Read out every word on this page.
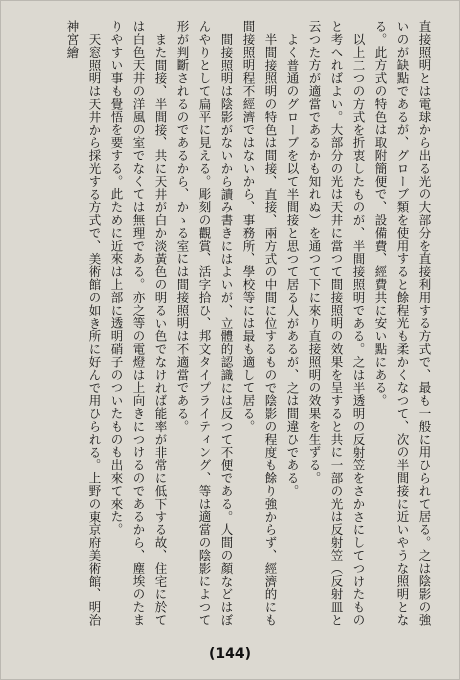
直接照明とは電球から出る光の大部分を直接利用する方式で、最も一般に用ひられて居る。之は陰影の強いのが缺點であるが、グローブ類を使用すると餘程光も柔かくなつて、次の半間接に近いやうな照明となる。此方式の特色は取附簡便で、設備費、經費共に安い點にある。

以上二つの方式を折衷したものが、半間接照明である。之は半透明の反射笠をさかさにしてつけたものと考へればよい。大部分の光は天井に當つて間接照明の效果を呈すると共に一部の光は反射笠（反射皿と云つた方が適當であるかも知れぬ）を通つて下に來り直接照明の效果を生ずる。

よく普通のグローブを以て半間接と思つて居る人があるが、之は間違ひである。

半間接照明の特色は間接、直接、兩方式の中間に位するもので陰影の程度も餘り強からず、經濟的にも間接照明程不經濟ではないから、事務所、學校等には最も適して居る。

間接照明は陰影がないから讀み書きにはよいが、立體的認識には反つて不便である。人間の顏などはぼんやりとして扁平に見える。彫刻の觀賞、活字拾ひ、邦文タイプライティング、等は適當の陰影によつて形が判斷されるのであるから、かゝる室には間接照明は不適當である。

また間接、半間接、共に天井が白か淡黃色の明るい色でなければ能率が非常に低下する故、住宅に於ては白色天井の洋風の室でなくては無理である。亦之等の電燈は上向きにつけるのであるから、塵埃のたまりやすい事も覺悟を要する。此ために近來は上部に透明硝子のついたものも出來て來た。

天窓照明は天井から採光する方式で、美術館の如き所に好んで用ひられる。上野の東京府美術館、明治神宮繪

(144)
